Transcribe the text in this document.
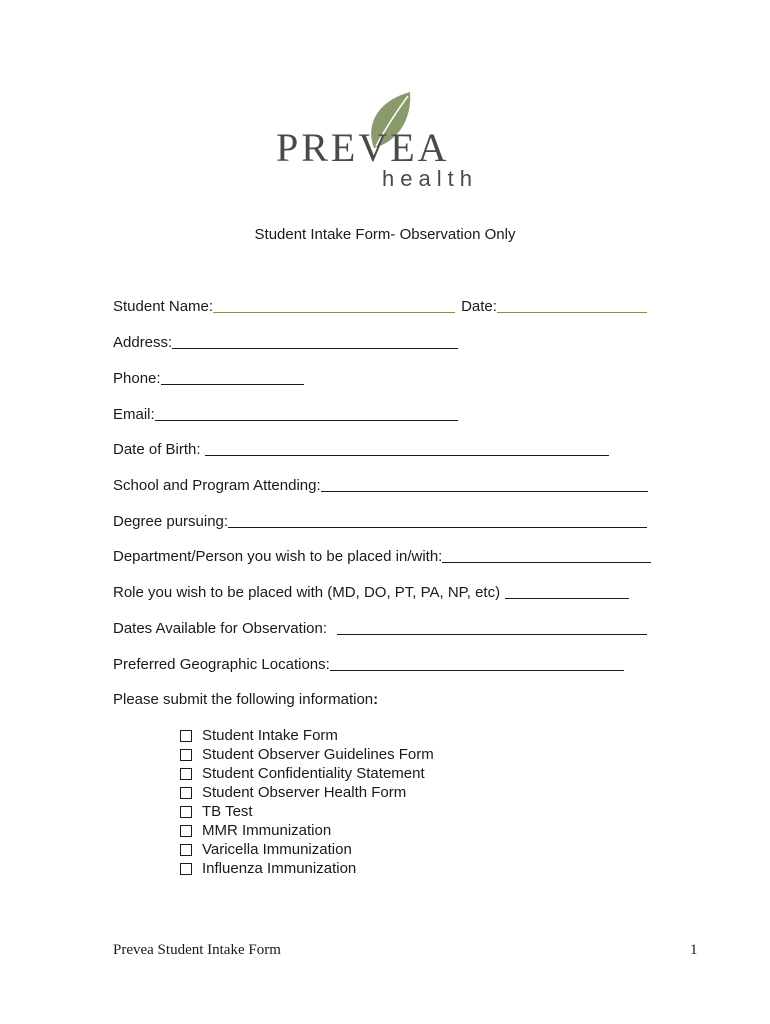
PREVEA
health
Student Intake Form- Observation Only
Student Name:	Date:
Address:
Phone:
Email:
Date of Birth:
School and Program Attending:
Degree pursuing:
Department/Person you wish to be placed in/with:
Role you wish to be placed with (MD, DO, PT, PA, NP, etc)
Dates Available for Observation:
Preferred Geographic Locations:
Please submit the following information :
Student Intake Form
Student Observer Guidelines Form
Student Confidentiality Statement
Student Observer Health Form
TB Test
MMR Immunization
Varicella Immunization
Influenza Immunization
Prevea Student Intake Form	1
